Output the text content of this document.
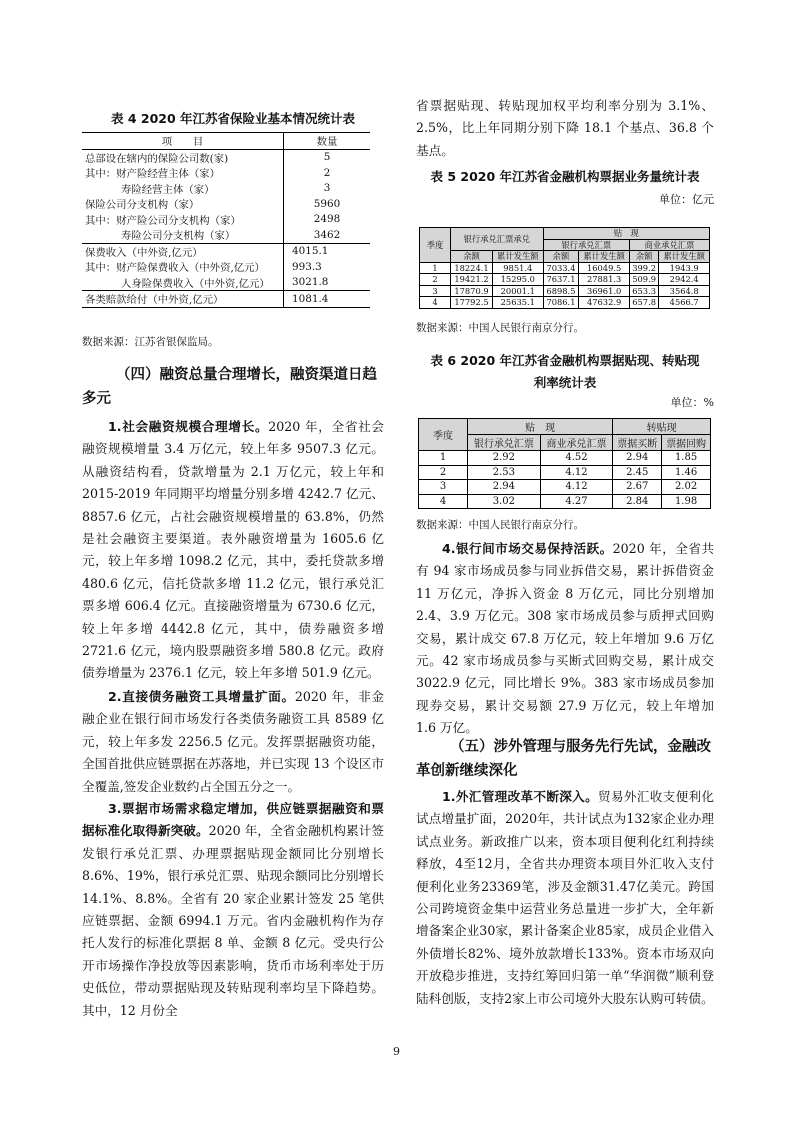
表 4 2020 年江苏省保险业基本情况统计表
项　　目	数量
总部设在辖内的保险公司数(家)	5
其中：财产险经营主体（家）	2
寿险经营主体（家）	3
保险公司分支机构（家）	5960
其中：财产险公司分支机构（家）	2498
寿险公司分支机构（家）	3462
保费收入（中外资,亿元）	4015.1
其中：财产险保费收入（中外资,亿元）	993.3
人身险保费收入（中外资,亿元）	3021.8
各类赔款给付（中外资,亿元）	1081.4
数据来源：江苏省银保监局。
（四）融资总量合理增长，融资渠道日趋多元

1.社会融资规模合理增长。2020 年，全省社会融资规模增量 3.4 万亿元，较上年多 9507.3 亿元。从融资结构看，贷款增量为 2.1 万亿元，较上年和 2015-2019 年同期平均增量分别多增 4242.7 亿元、8857.6 亿元，占社会融资规模增量的 63.8%，仍然是社会融资主要渠道。表外融资增量为 1605.6 亿元，较上年多增 1098.2 亿元，其中，委托贷款多增 480.6 亿元，信托贷款多增 11.2 亿元，银行承兑汇票多增 606.4 亿元。直接融资增量为 6730.6 亿元，较上年多增 4442.8 亿元，其中，债券融资多增 2721.6 亿元，境内股票融资多增 580.8 亿元。政府债券增量为 2376.1 亿元，较上年多增 501.9 亿元。

2.直接债务融资工具增量扩面。2020 年，非金融企业在银行间市场发行各类债务融资工具 8589 亿元，较上年多发 2256.5 亿元。发挥票据融资功能，全国首批供应链票据在苏落地，并已实现 13 个设区市全覆盖,签发企业数约占全国五分之一。

3.票据市场需求稳定增加，供应链票据融资和票据标准化取得新突破。2020 年，全省金融机构累计签发银行承兑汇票、办理票据贴现金额同比分别增长 8.6%、19%，银行承兑汇票、贴现余额同比分别增长 14.1%、8.8%。全省有 20 家企业累计签发 25 笔供应链票据、金额 6994.1 万元。省内金融机构作为存托人发行的标准化票据 8 单、金额 8 亿元。受央行公开市场操作净投放等因素影响，货币市场利率处于历史低位，带动票据贴现及转贴现利率均呈下降趋势。其中，12 月份全

省票据贴现、转贴现加权平均利率分别为 3.1%、2.5%，比上年同期分别下降 18.1 个基点、36.8 个基点。

表 5 2020 年江苏省金融机构票据业务量统计表
单位：亿元
季度	银行承兑汇票承兑		贴　现			
			银行承兑汇票		商业承兑汇票	
	余额	累计发生额	余额	累计发生额	余额	累计发生额
1	18224.1	9851.4	7033.4	16049.5	399.2	1943.9
2	19421.2	15295.0	7637.1	27881.3	509.9	2942.4
3	17870.9	20001.1	6898.5	36961.0	653.3	3564.8
4	17792.5	25635.1	7086.1	47632.9	657.8	4566.7
数据来源：中国人民银行南京分行。
表 6 2020 年江苏省金融机构票据贴现、转贴现
利率统计表
单位：%
季度	贴　现		转贴现	
	银行承兑汇票	商业承兑汇票	票据买断	票据回购
1	2.92	4.52	2.94	1.85
2	2.53	4.12	2.45	1.46
3	2.94	4.12	2.67	2.02
4	3.02	4.27	2.84	1.98
数据来源：中国人民银行南京分行。

4.银行间市场交易保持活跃。2020 年，全省共有 94 家市场成员参与同业拆借交易，累计拆借资金 11 万亿元，净拆入资金 8 万亿元，同比分别增加 2.4、3.9 万亿元。308 家市场成员参与质押式回购交易，累计成交 67.8 万亿元，较上年增加 9.6 万亿元。42 家市场成员参与买断式回购交易，累计成交 3022.9 亿元，同比增长 9%。383 家市场成员参加现券交易，累计交易额 27.9 万亿元，较上年增加 1.6 万亿。

（五）涉外管理与服务先行先试，金融改革创新继续深化

1.外汇管理改革不断深入。贸易外汇收支便利化试点增量扩面，2020年，共计试点为132家企业办理试点业务。新政推广以来，资本项目便利化红利持续释放，4至12月，全省共办理资本项目外汇收入支付便利化业务23369笔，涉及金额31.47亿美元。跨国公司跨境资金集中运营业务总量进一步扩大，全年新增备案企业30家，累计备案企业85家，成员企业借入外债增长82%、境外放款增长133%。资本市场双向开放稳步推进，支持红筹回归第一单“华润微”顺利登陆科创版，支持2家上市公司境外大股东认购可转债。

9
